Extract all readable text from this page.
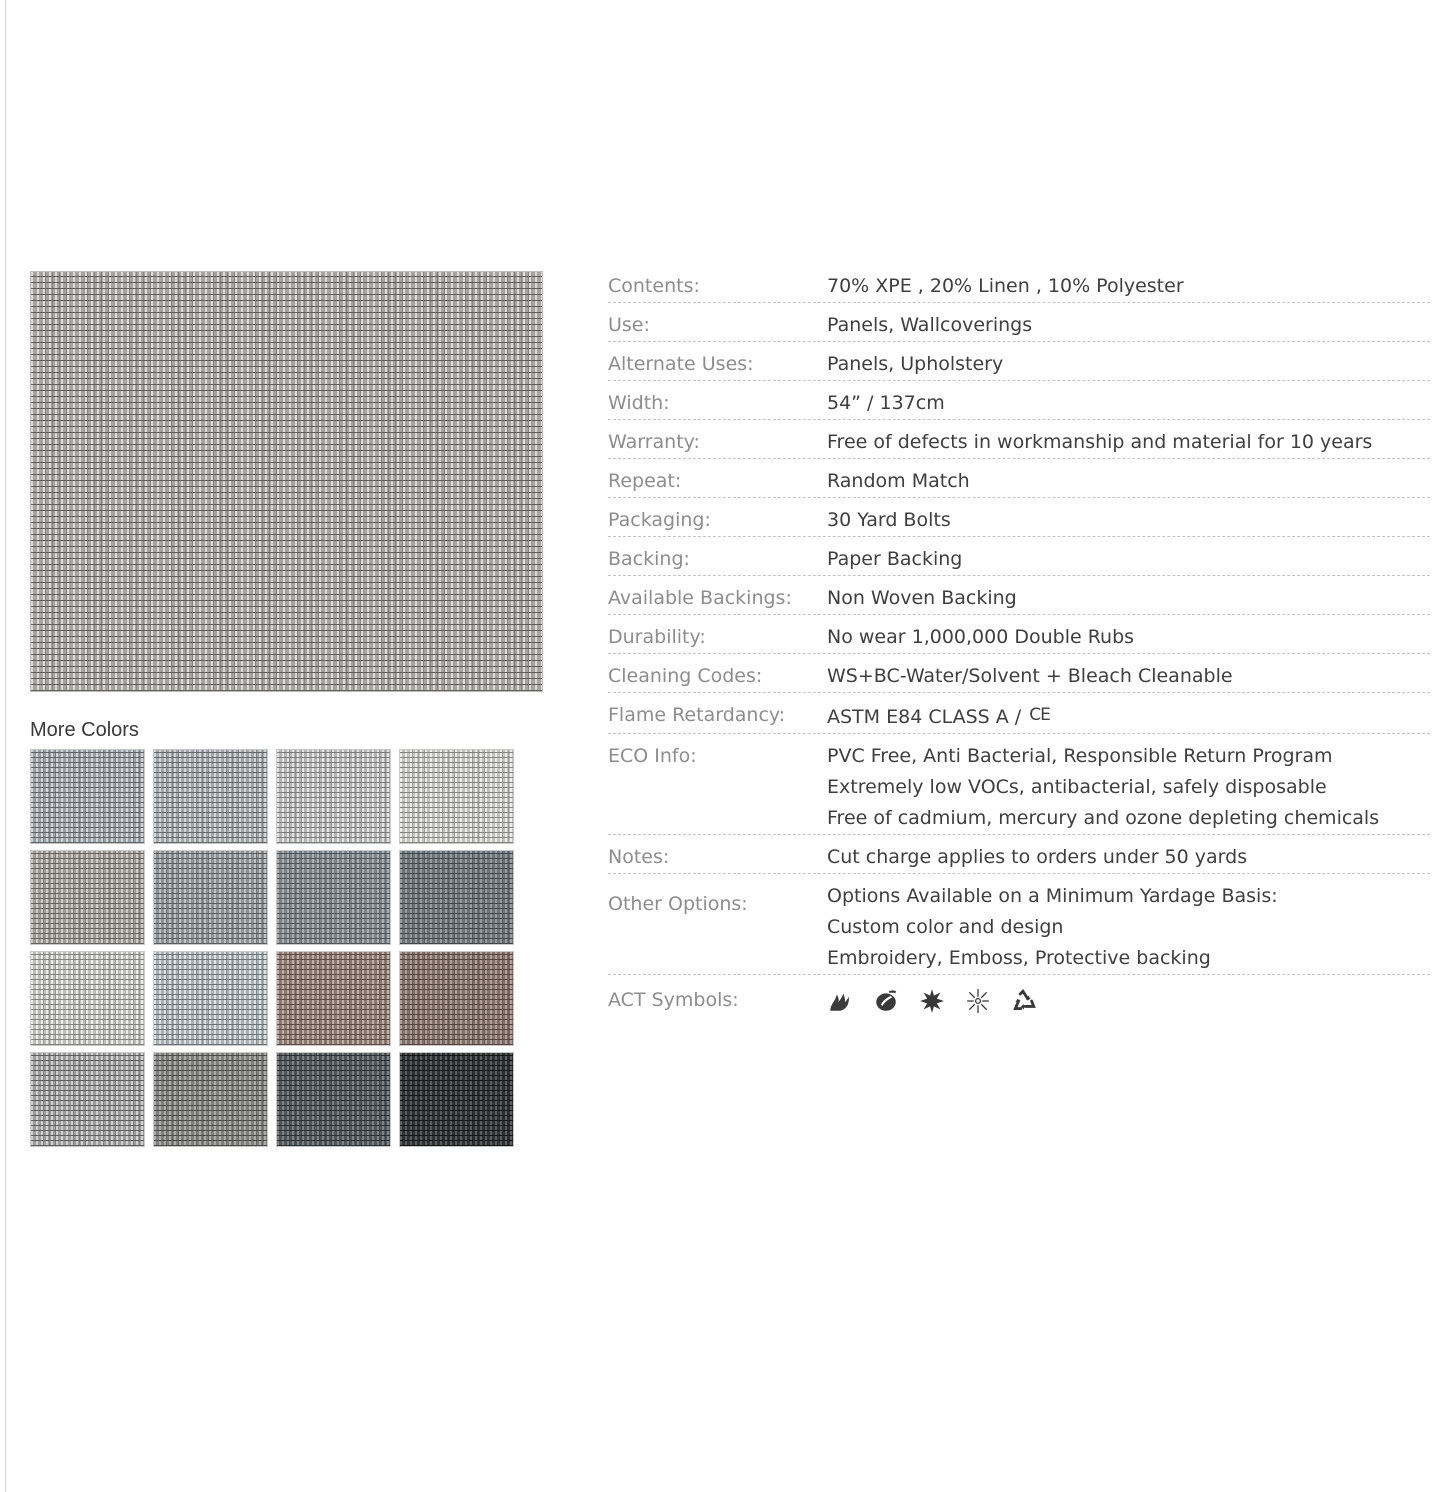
More Colors
Contents:	70% XPE , 20% Linen , 10% Polyester
Use:	Panels, Wallcoverings
Alternate Uses:	Panels, Upholstery
Width:	54” / 137cm
Warranty:	Free of defects in workmanship and material for 10 years
Repeat:	Random Match
Packaging:	30 Yard Bolts
Backing:	Paper Backing
Available Backings:	Non Woven Backing
Durability:	No wear 1,000,000 Double Rubs
Cleaning Codes:	WS+BC-Water/Solvent + Bleach Cleanable
Flame Retardancy:	ASTM E84 CLASS A / CE
ECO Info:	PVC Free, Anti Bacterial, Responsible Return Program
Extremely low VOCs, antibacterial, safely disposable
Free of cadmium, mercury and ozone depleting chemicals
Notes:	Cut charge applies to orders under 50 yards
Other Options:	Options Available on a Minimum Yardage Basis:
Custom color and design
Embroidery, Emboss, Protective backing
ACT Symbols:
